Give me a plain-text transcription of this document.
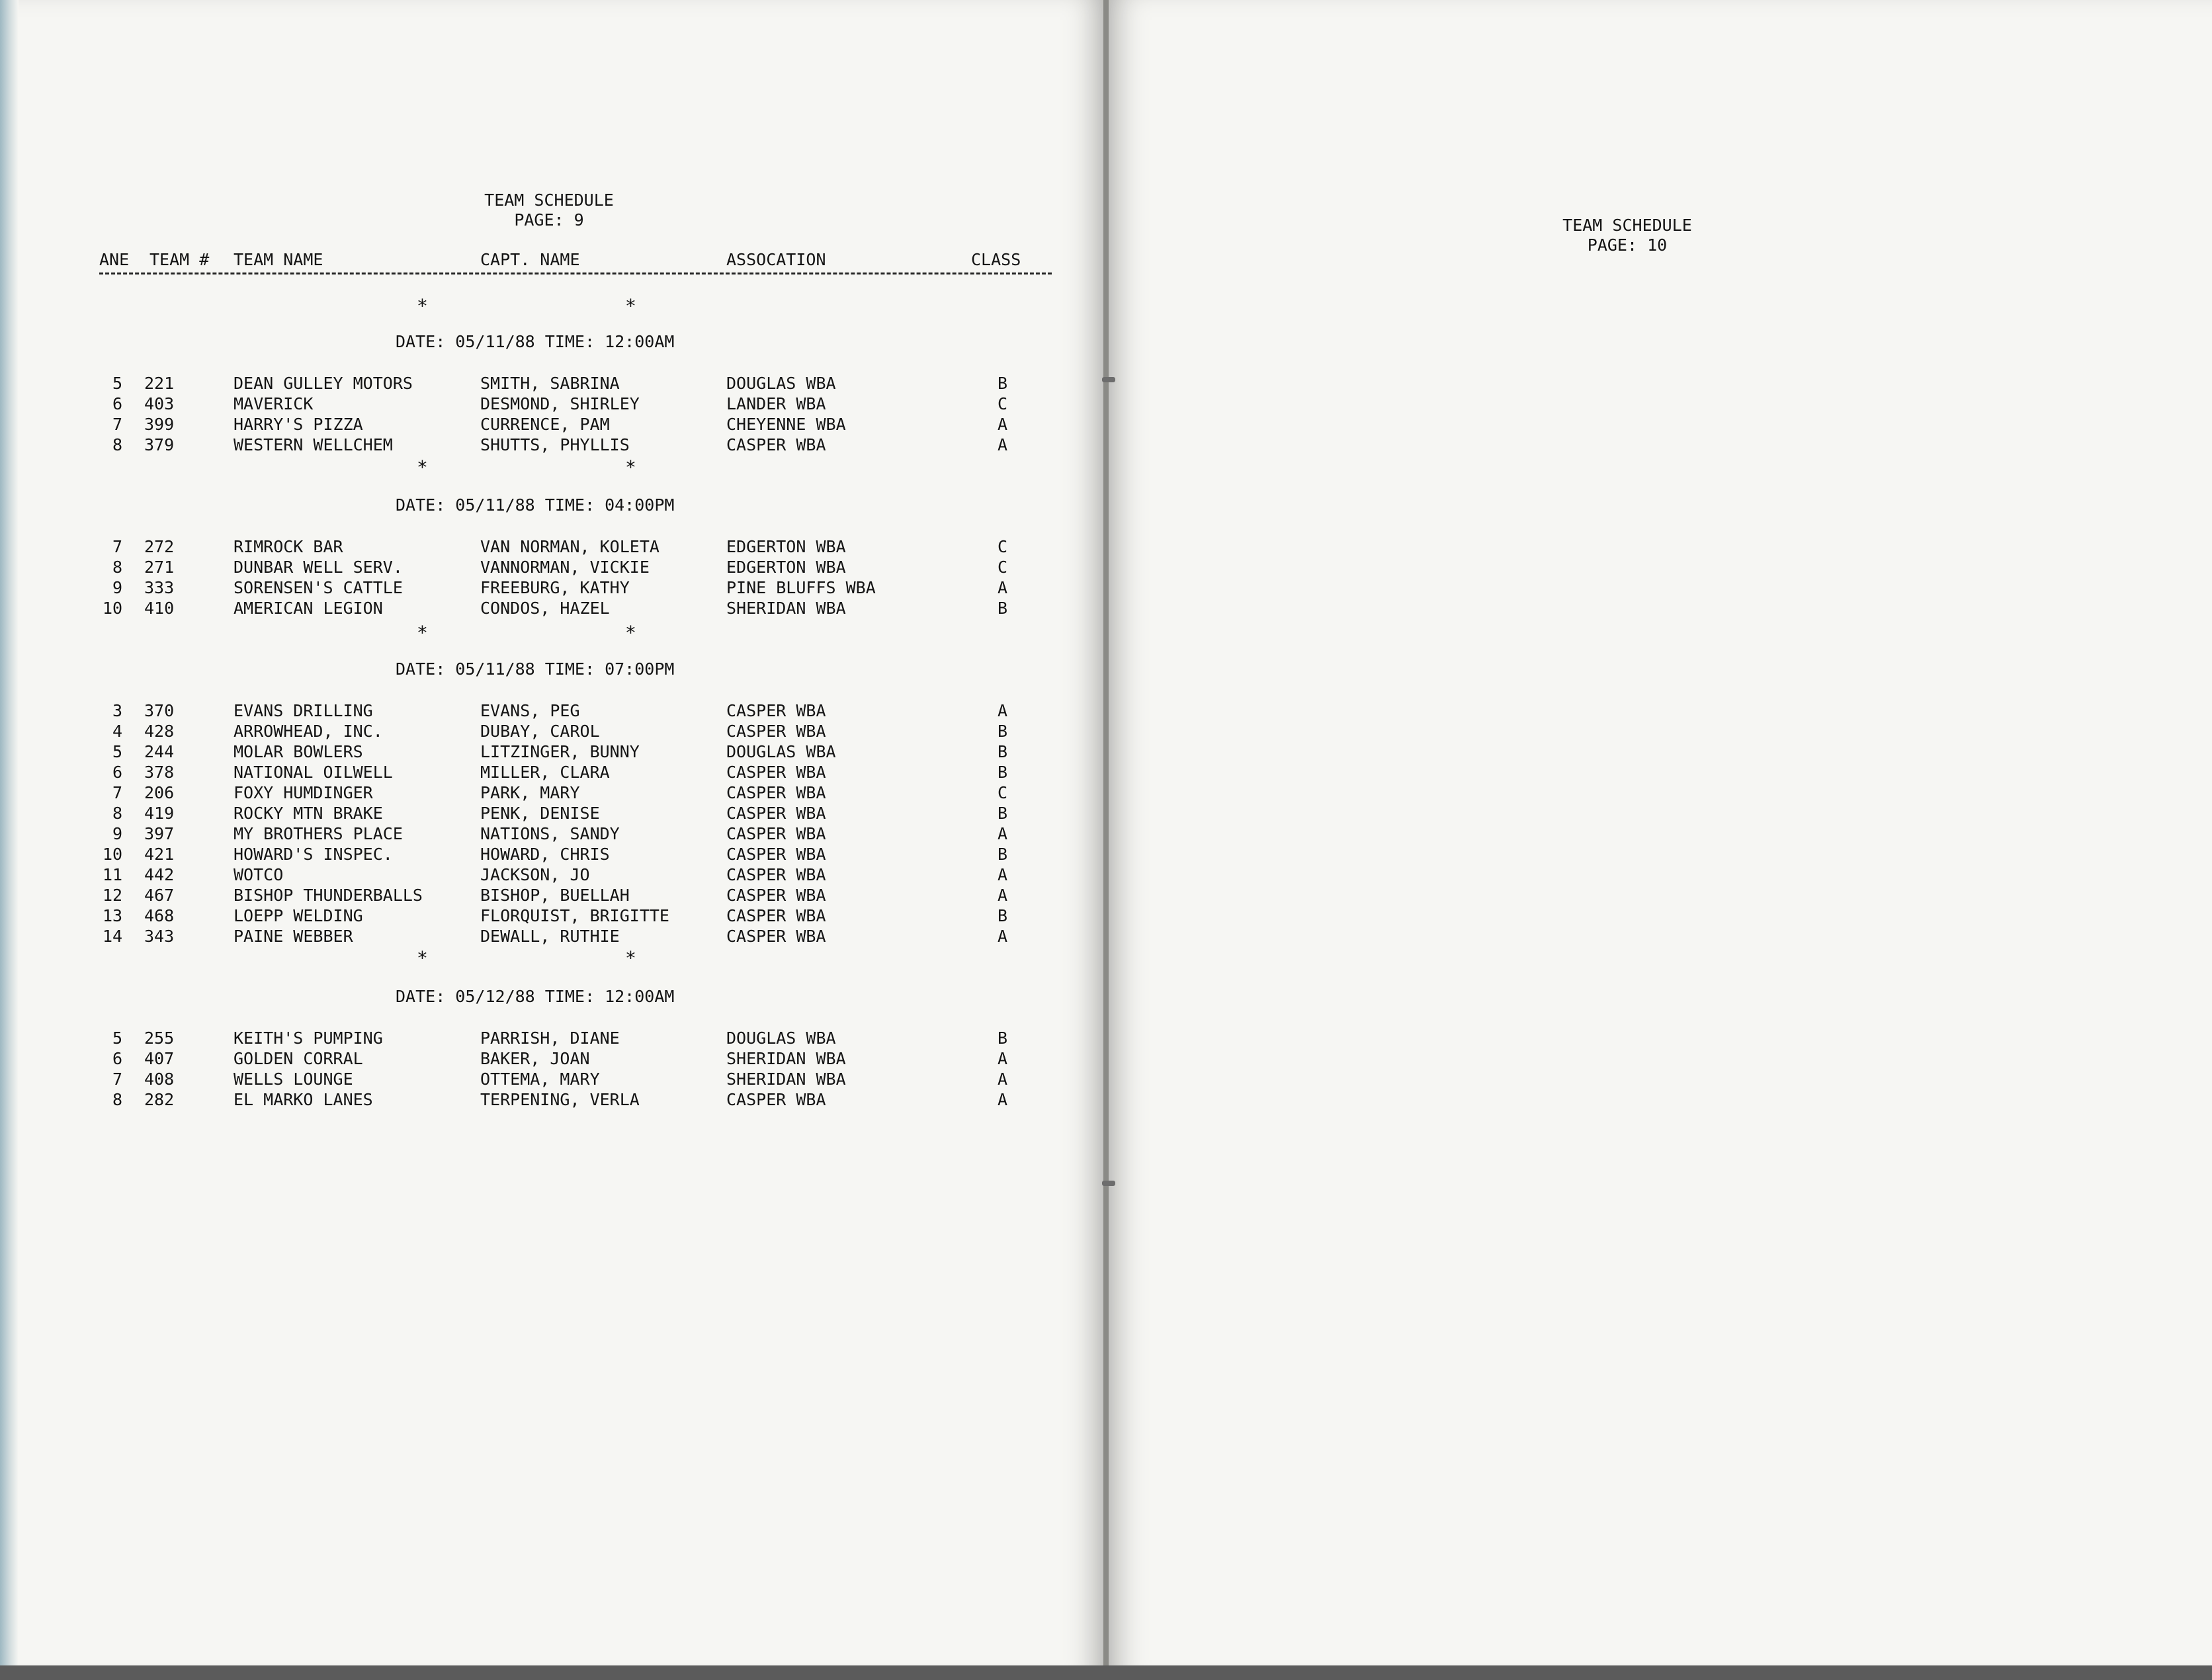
ANE TEAM # TEAM NAME	CAPT. NAME	ASSOCATION	CLASS
*	*
DATE: 05/11/88 TIME: 12:00AM
5 221	DEAN GULLEY MOTORS	SMITH, SABRINA	DOUGLAS WBA	B
6 403	MAVERICK	DESMOND, SHIRLEY	LANDER WBA	C
7 399	HARRY'S PIZZA	CURRENCE, PAM	CHEYENNE WBA	A
8 379	WESTERN WELLCHEM	SHUTTS, PHYLLIS	CASPER WBA	A
*	*
DATE: 05/11/88 TIME: 04:00PM
7 272	RIMROCK BAR	VAN NORMAN, KOLETA	EDGERTON WBA	C
8 271	DUNBAR WELL SERV.	VANNORMAN, VICKIE	EDGERTON WBA	C
9 333	SORENSEN'S CATTLE	FREEBURG, KATHY	PINE BLUFFS WBA	A
10 410	AMERICAN LEGION	CONDOS, HAZEL	SHERIDAN WBA	B
*	*
DATE: 05/11/88 TIME: 07:00PM
3 370	EVANS DRILLING	EVANS, PEG	CASPER WBA	A
4 428	ARROWHEAD, INC.	DUBAY, CAROL	CASPER WBA	B
5 244	MOLAR BOWLERS	LITZINGER, BUNNY	DOUGLAS WBA	B
6 378	NATIONAL OILWELL	MILLER, CLARA	CASPER WBA	B
7 206	FOXY HUMDINGER	PARK, MARY	CASPER WBA	C
8 419	ROCKY MTN BRAKE	PENK, DENISE	CASPER WBA	B
9 397	MY BROTHERS PLACE	NATIONS, SANDY	CASPER WBA	A
10 421	HOWARD'S INSPEC.	HOWARD, CHRIS	CASPER WBA	B
11 442	WOTCO	JACKSON, JO	CASPER WBA	A
12 467	BISHOP THUNDERBALLS	BISHOP, BUELLAH	CASPER WBA	A
13 468	LOEPP WELDING	FLORQUIST, BRIGITTE	CASPER WBA	B
14 343	PAINE WEBBER	DEWALL, RUTHIE	CASPER WBA	A
*	*
DATE: 05/12/88 TIME: 12:00AM
5 255	KEITH'S PUMPING	PARRISH, DIANE	DOUGLAS WBA	B
6 407	GOLDEN CORRAL	BAKER, JOAN	SHERIDAN WBA	A
7 408	WELLS LOUNGE	OTTEMA, MARY	SHERIDAN WBA	A
8 282	EL MARKO LANES	TERPENING, VERLA	CASPER WBA	A
TEAM SCHEDULE
PAGE: 9	TEAM SCHEDULE
PAGE: 10
